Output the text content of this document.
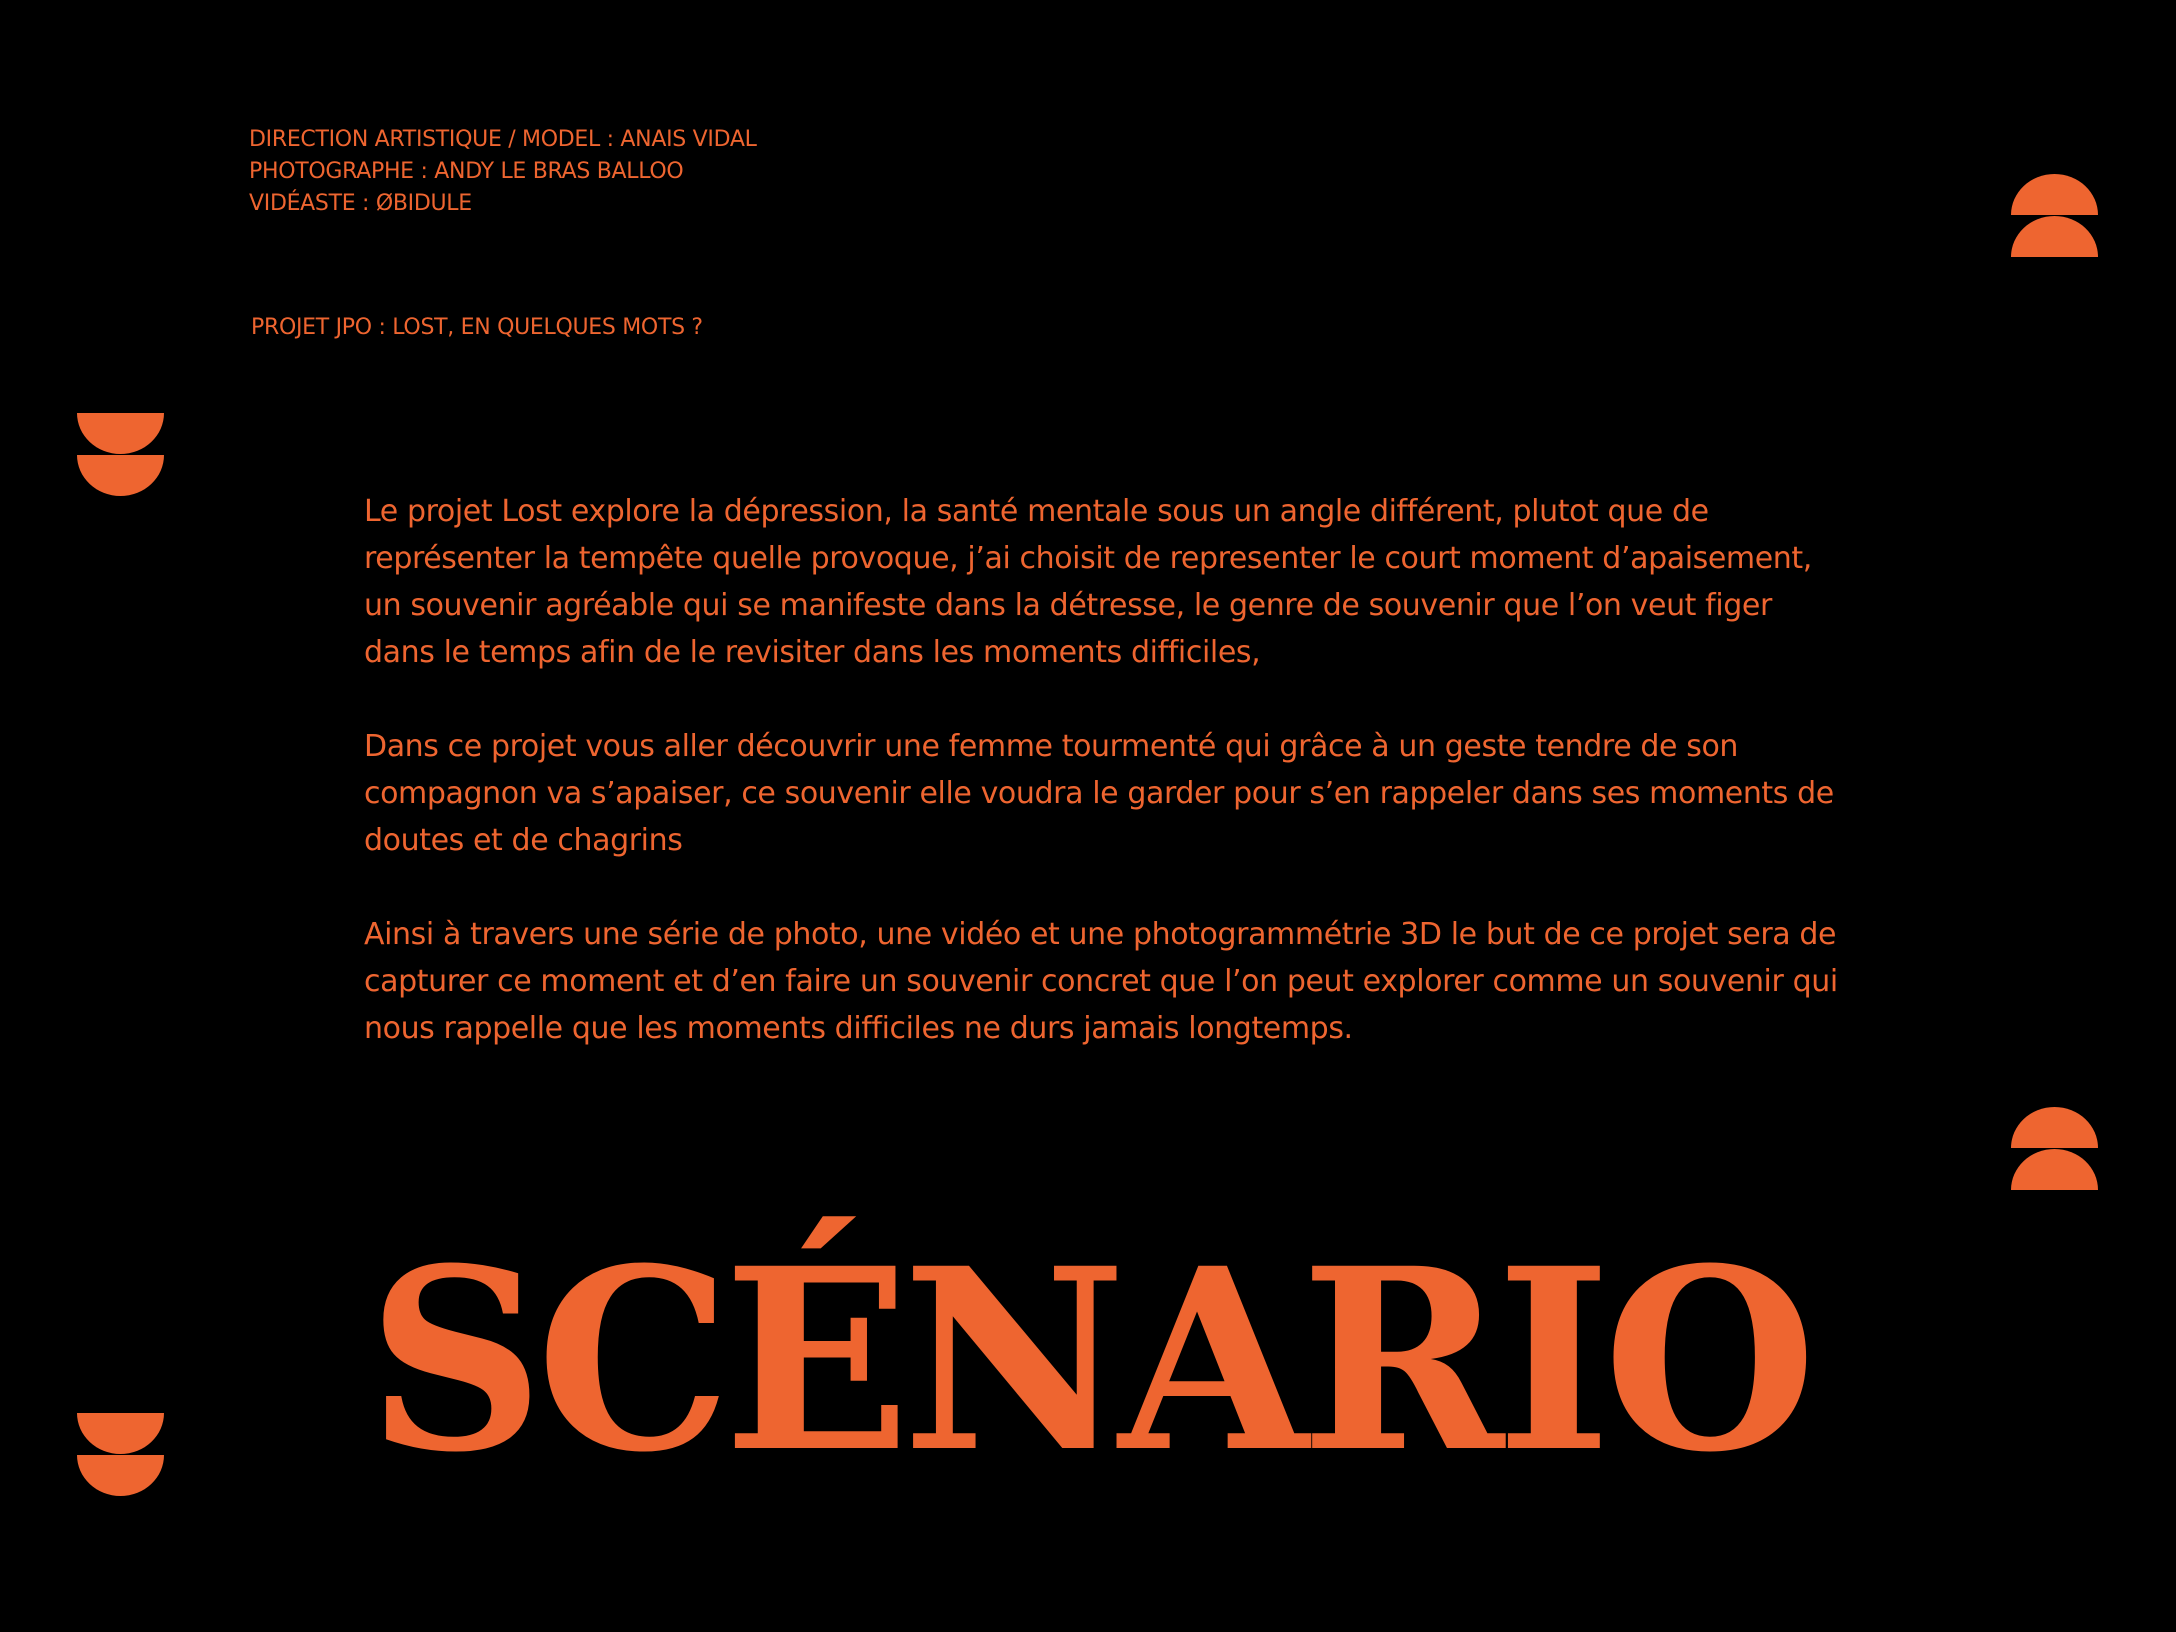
DIRECTION ARTISTIQUE / MODEL : ANAIS VIDAL
PHOTOGRAPHE : ANDY LE BRAS BALLOO
VIDÉASTE : ØBIDULE
PROJET JPO : LOST, EN QUELQUES MOTS ?

Le projet Lost explore la dépression, la santé mentale sous un angle différent, plutot que de représenter la tempête quelle provoque, j’ai choisit de representer le court moment d’apaisement, un souvenir agréable qui se manifeste dans la détresse, le genre de souvenir que l’on veut figer dans le temps afin de le revisiter dans les moments difficiles,

Dans ce projet vous aller découvrir une femme tourmenté qui grâce à un geste tendre de son compagnon va s’apaiser, ce souvenir elle voudra le garder pour s’en rappeler dans ses moments de doutes et de chagrins

Ainsi à travers une série de photo, une vidéo et une photogrammétrie 3D le but de ce projet sera de capturer ce moment et d’en faire un souvenir concret que l’on peut explorer comme un souvenir qui nous rappelle que les moments difficiles ne durs jamais longtemps.

SCÉNARIO
